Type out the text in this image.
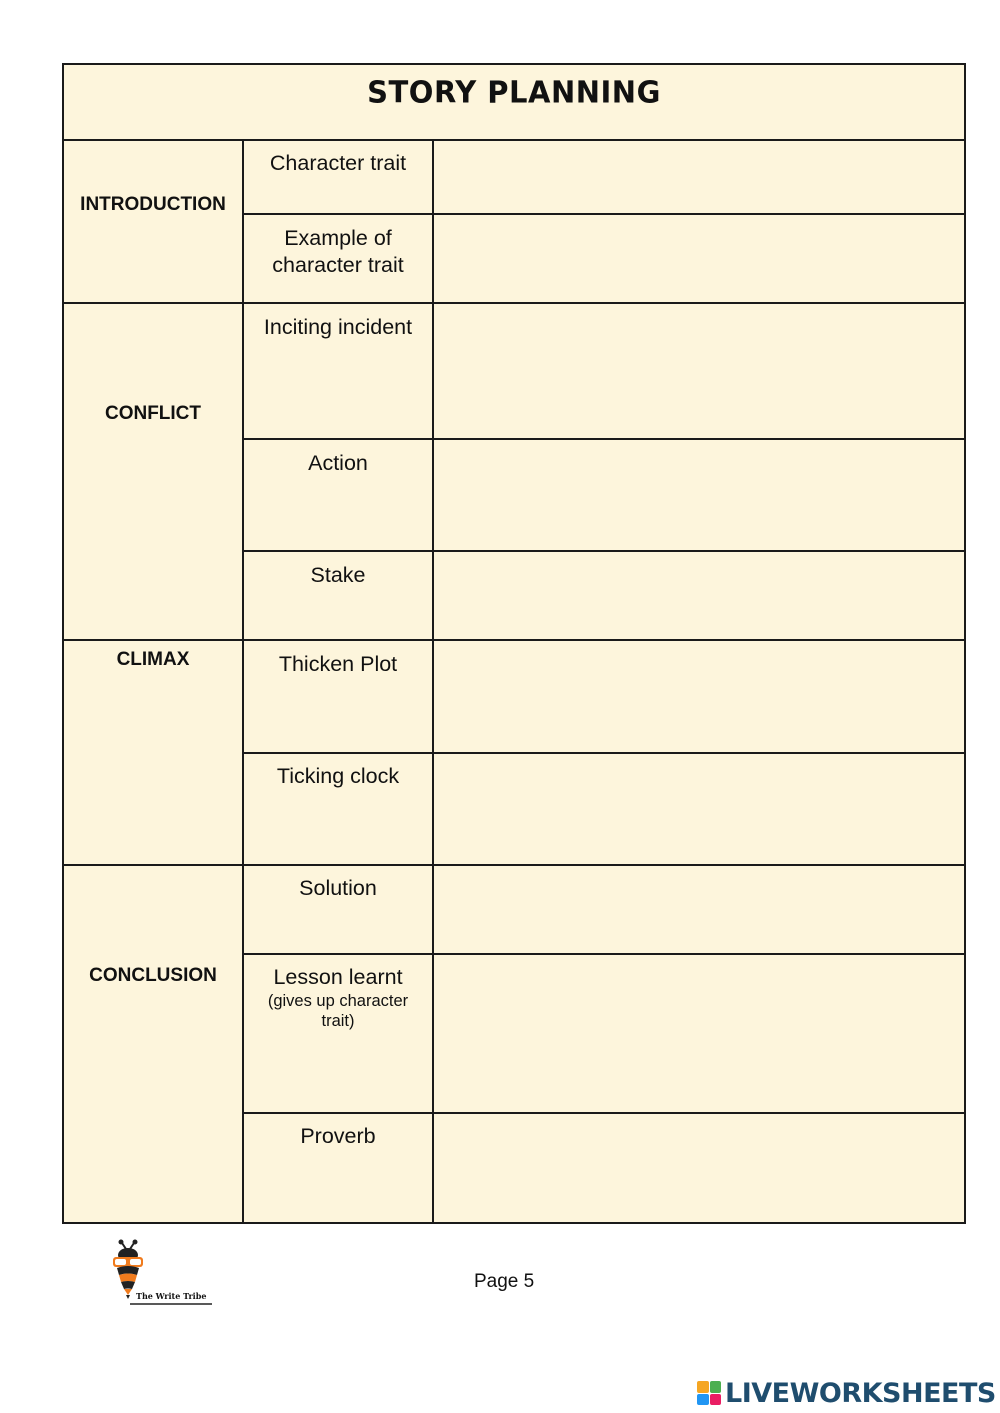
STORY PLANNING
INTRODUCTION
CONFLICT
CLIMAX
CONCLUSION
Character trait
Example of
character trait
Inciting incident
Action
Stake
Thicken Plot
Ticking clock
Solution
Lesson learnt
(gives up character trait)
Proverb
The Write Tribe
Page 5
LIVEWORKSHEETS
